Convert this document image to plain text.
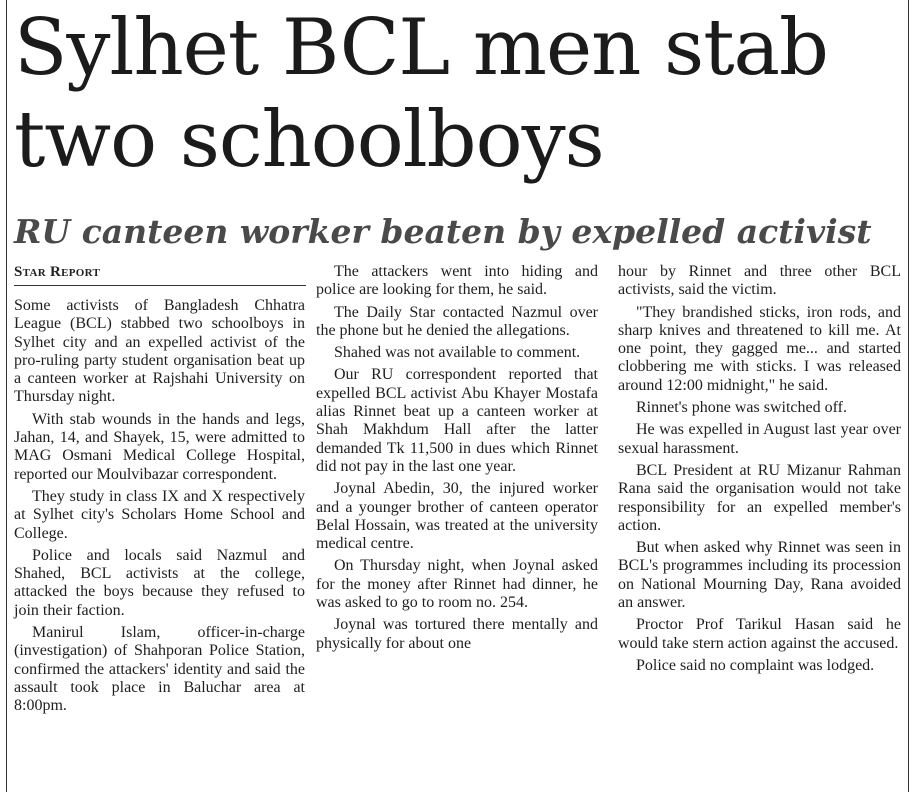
Sylhet BCL men stab
two schoolboys
RU canteen worker beaten by expelled activist
Star Report

Some activists of Bangladesh Chhatra League (BCL) stabbed two schoolboys in Sylhet city and an expelled activist of the pro-ruling party student organisation beat up a canteen worker at Rajshahi University on Thursday night.

With stab wounds in the hands and legs, Jahan, 14, and Shayek, 15, were admitted to MAG Osmani Medical College Hospital, reported our Moulvibazar correspondent.

They study in class IX and X respectively at Sylhet city's Scholars Home School and College.

Police and locals said Nazmul and Shahed, BCL activists at the college, attacked the boys because they refused to join their faction.

Manirul Islam, officer-in-charge (investigation) of Shahporan Police Station, confirmed the attackers' identity and said the assault took place in Baluchar area at 8:00pm.

The attackers went into hiding and police are looking for them, he said.

The Daily Star contacted Nazmul over the phone but he denied the allegations.

Shahed was not available to comment.

Our RU correspondent reported that expelled BCL activist Abu Khayer Mostafa alias Rinnet beat up a canteen worker at Shah Makhdum Hall after the latter demanded Tk 11,500 in dues which Rinnet did not pay in the last one year.

Joynal Abedin, 30, the injured worker and a younger brother of canteen operator Belal Hossain, was treated at the university medical centre.

On Thursday night, when Joynal asked for the money after Rinnet had dinner, he was asked to go to room no. 254.

Joynal was tortured there mentally and physically for about one

hour by Rinnet and three other BCL activists, said the victim.

"They brandished sticks, iron rods, and sharp knives and threatened to kill me. At one point, they gagged me... and started clobbering me with sticks. I was released around 12:00 midnight," he said.

Rinnet's phone was switched off.

He was expelled in August last year over sexual harassment.

BCL President at RU Mizanur Rahman Rana said the organisation would not take responsibility for an expelled member's action.

But when asked why Rinnet was seen in BCL's programmes including its procession on National Mourning Day, Rana avoided an answer.

Proctor Prof Tarikul Hasan said he would take stern action against the accused.

Police said no complaint was lodged.
